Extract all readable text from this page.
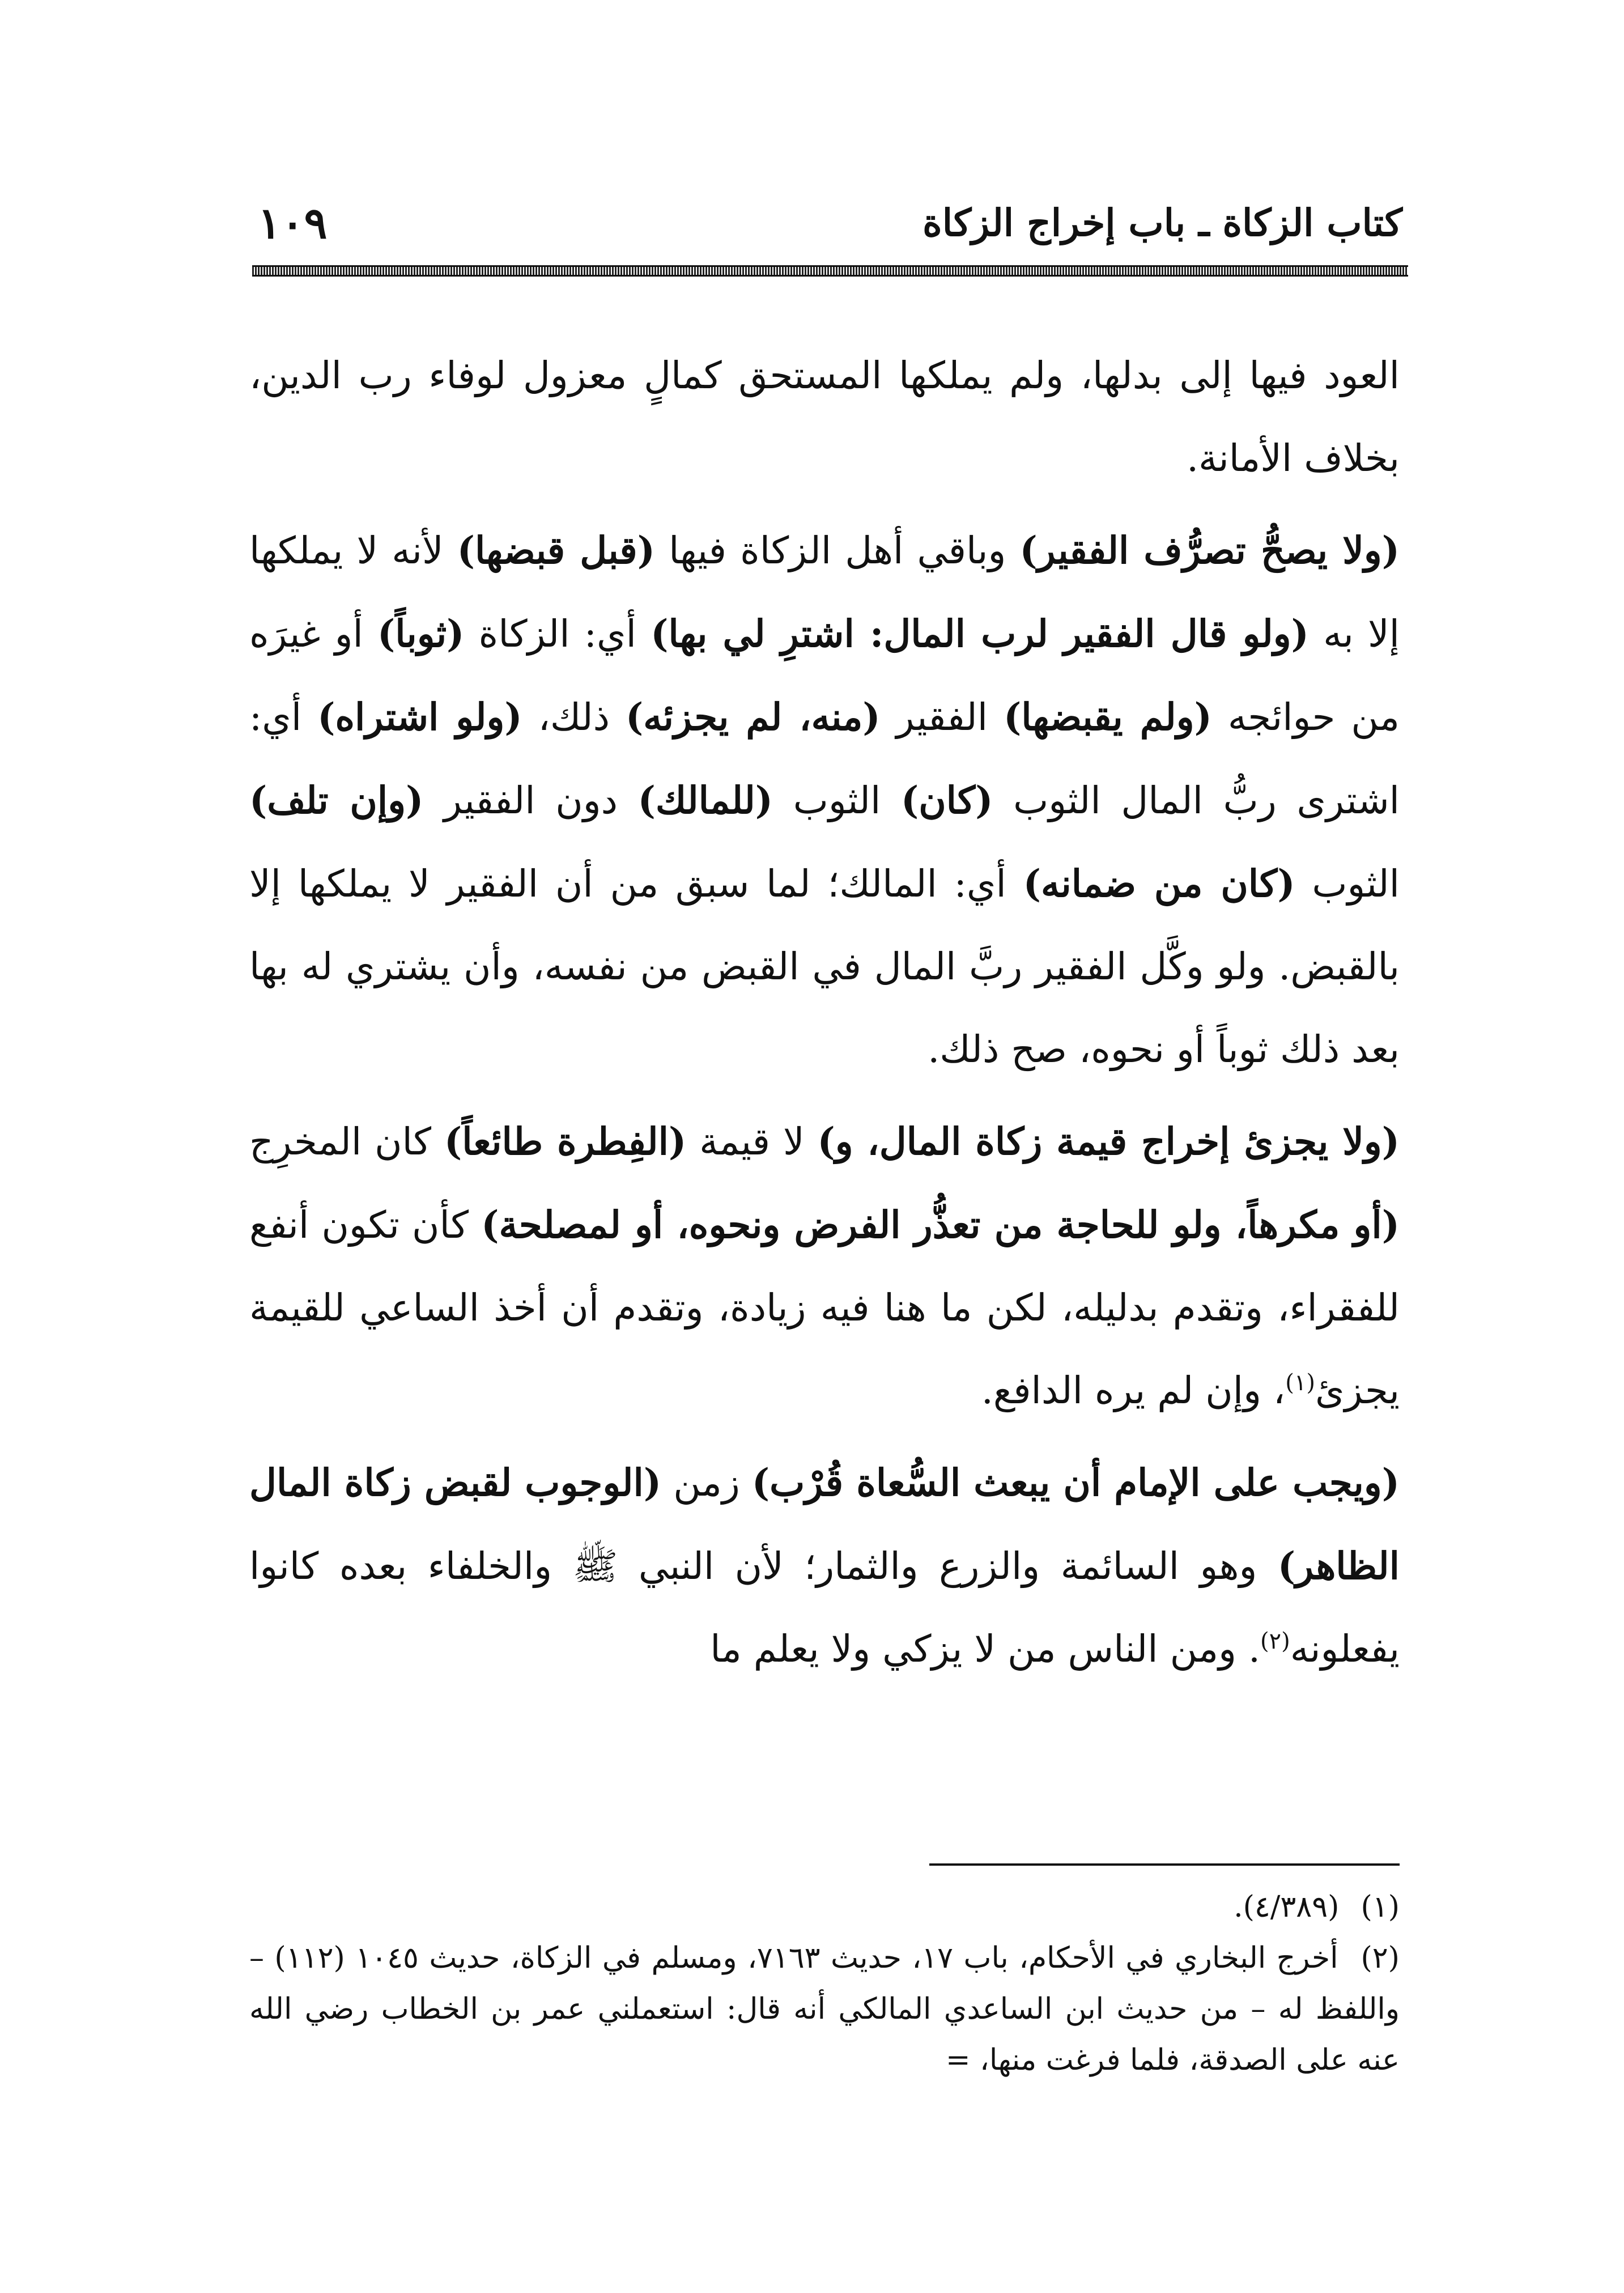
كتاب الزكاة ـ باب إخراج الزكاة
١٠٩

العود فيها إلى بدلها، ولم يملكها المستحق كمالٍ معزول لوفاء رب الدين، بخلاف الأمانة.

(ولا يصحُّ تصرُّف الفقير) وباقي أهل الزكاة فيها (قبل قبضها) لأنه لا يملكها إلا به (ولو قال الفقير لرب المال: اشترِ لي بها) أي: الزكاة (ثوباً) أو غيرَه من حوائجه (ولم يقبضها) الفقير (منه، لم يجزئه) ذلك، (ولو اشتراه) أي: اشترى ربُّ المال الثوب (كان) الثوب (للمالك) دون الفقير (وإن تلف) الثوب (كان من ضمانه) أي: المالك؛ لما سبق من أن الفقير لا يملكها إلا بالقبض. ولو وكَّل الفقير ربَّ المال في القبض من نفسه، وأن يشتري له بها بعد ذلك ثوباً أو نحوه، صح ذلك.

(ولا يجزئ إخراج قيمة زكاة المال، و) لا قيمة (الفِطرة طائعاً) كان المخرِج (أو مكرهاً، ولو للحاجة من تعذُّر الفرض ونحوه، أو لمصلحة) كأن تكون أنفع للفقراء، وتقدم بدليله، لكن ما هنا فيه زيادة، وتقدم أن أخذ الساعي للقيمة يجزئ$^{(١)}$، وإن لم يره الدافع.

(ويجب على الإمام أن يبعث السُّعاة قُرْب) زمن (الوجوب لقبض زكاة المال الظاهر) وهو السائمة والزرع والثمار؛ لأن النبي ﷺ والخلفاء بعده كانوا يفعلونه$^{(٢)}$. ومن الناس من لا يزكي ولا يعلم ما

(١) (٤/٣٨٩).

(٢) أخرج البخاري في الأحكام، باب ١٧، حديث ٧١٦٣، ومسلم في الزكاة، حديث ١٠٤٥ (١١٢) – واللفظ له – من حديث ابن الساعدي المالكي أنه قال: استعملني عمر بن الخطاب رضي الله عنه على الصدقة، فلما فرغت منها، =
